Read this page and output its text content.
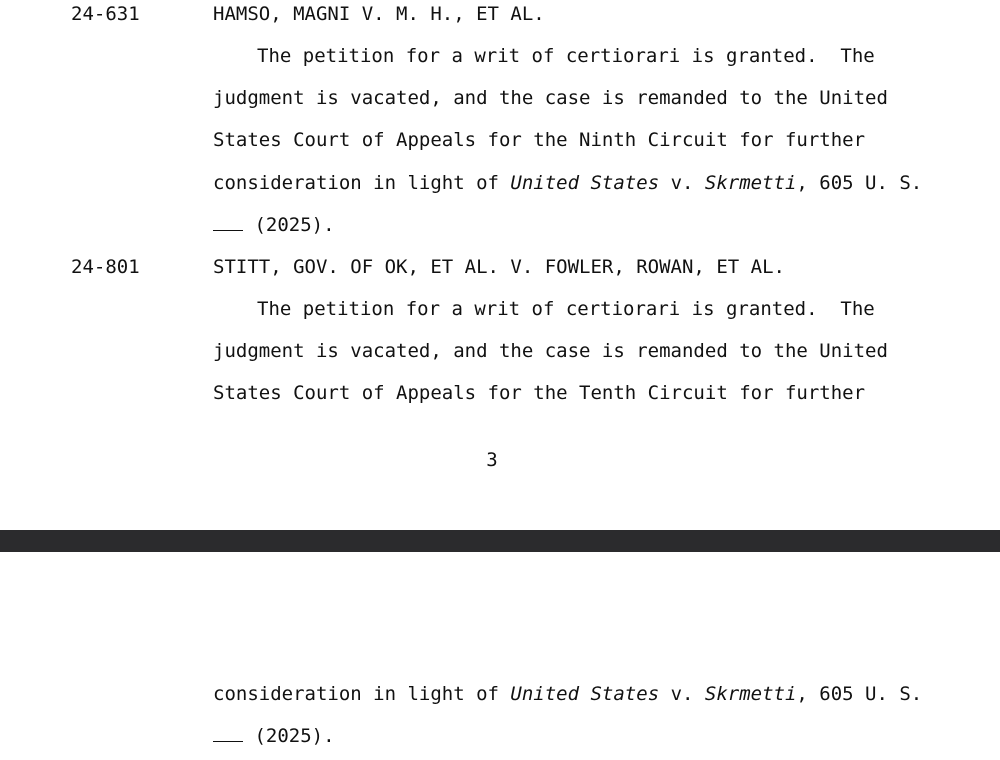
24-631	HAMSO, MAGNI V. M. H., ET AL.
The petition for a writ of certiorari is granted.  The
judgment is vacated, and the case is remanded to the United
States Court of Appeals for the Ninth Circuit for further
consideration in light of United States v. Skrmetti, 605 U. S.
(2025).
24-801	STITT, GOV. OF OK, ET AL. V. FOWLER, ROWAN, ET AL.
The petition for a writ of certiorari is granted.  The
judgment is vacated, and the case is remanded to the United
States Court of Appeals for the Tenth Circuit for further
3
consideration in light of United States v. Skrmetti, 605 U. S.
(2025).
